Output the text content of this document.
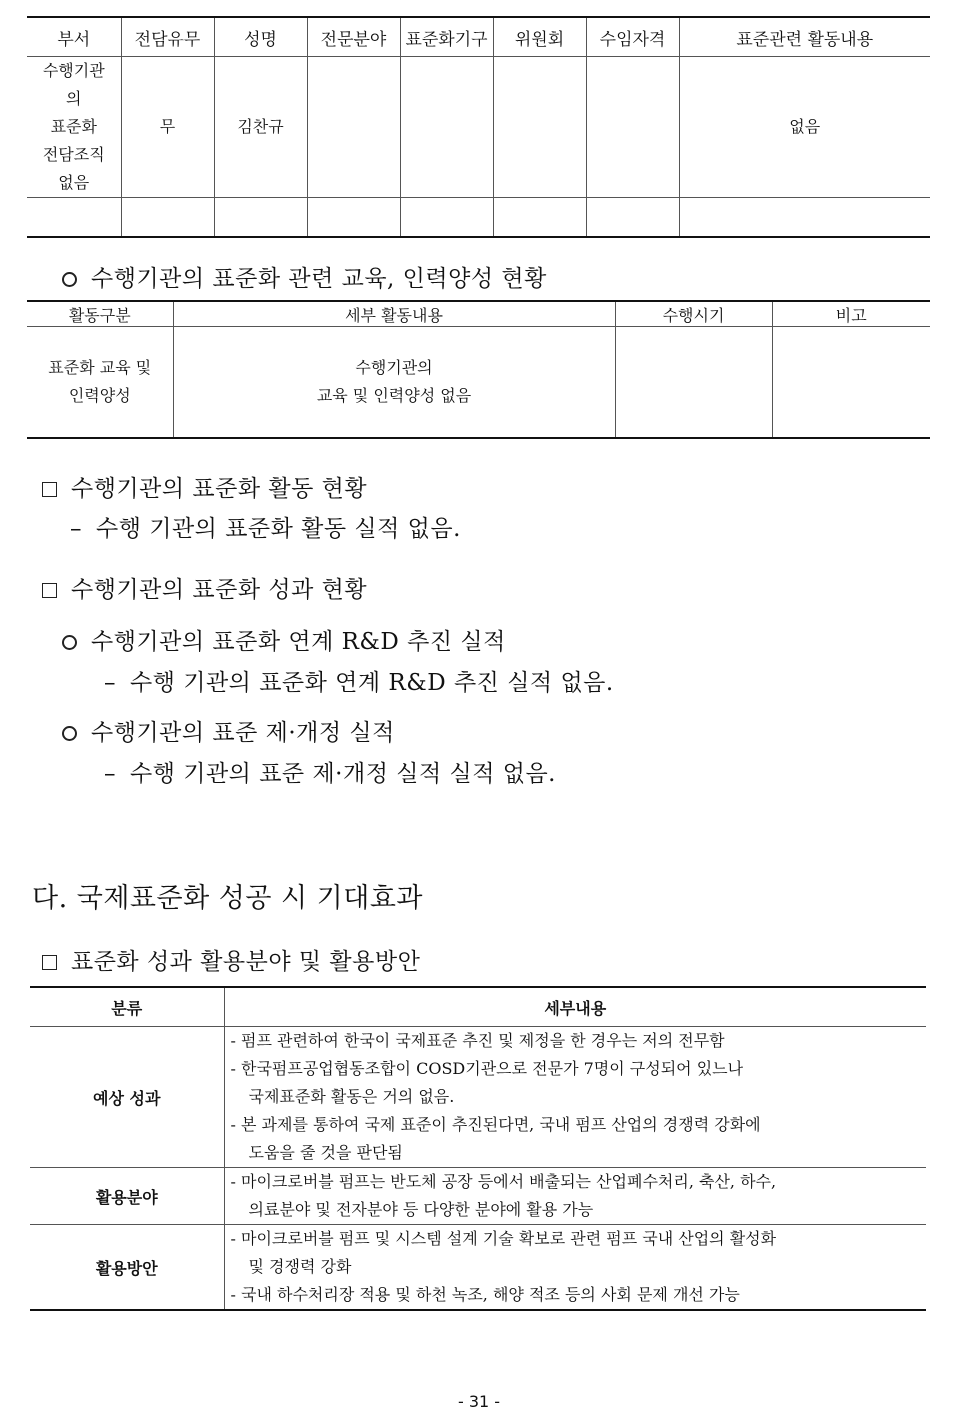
부서	전담유무	성명	전문분야	표준화기구	위원회	수임자격	표준관련 활동내용

수행기관
의
표준화
전담조직
없음	무	김찬규					없음

수행기관의 표준화 관련 교육, 인력양성 현황
활동구분	세부 활동내용	수행시기	비고

표준화 교육 및
인력양성	수행기관의
교육 및 인력양성 없음		

수행기관의 표준화 활동 현황
– 수행 기관의 표준화 활동 실적 없음.
수행기관의 표준화 성과 현황
수행기관의 표준화 연계 R&D 추진 실적
– 수행 기관의 표준화 연계 R&D 추진 실적 없음.
수행기관의 표준 제·개정 실적
– 수행 기관의 표준 제·개정 실적 실적 없음.
다. 국제표준화 성공 시 기대효과
표준화 성과 활용분야 및 활용방안
분류	세부내용
예상 성과	- 펌프 관련하여 한국이 국제표준 추진 및 제정을 한 경우는 저의 전무함
- 한국펌프공업협동조합이 COSD기관으로 전문가 7명이 구성되어 있느나
국제표준화 활동은 거의 없음.
- 본 과제를 통하여 국제 표준이 추진된다면, 국내 펌프 산업의 경쟁력 강화에
도움을 줄 것을 판단됨

활용분야	- 마이크로버블 펌프는 반도체 공장 등에서 배출되는 산업폐수처리, 축산, 하수,
의료분야 및 전자분야 등 다양한 분야에 활용 가능

활용방안	- 마이크로버블 펌프 및 시스템 설계 기술 확보로 관련 펌프 국내 산업의 활성화
및 경쟁력 강화
- 국내 하수처리장 적용 및 하천 녹조, 해양 적조 등의 사회 문제 개선 가능
- 31 -
